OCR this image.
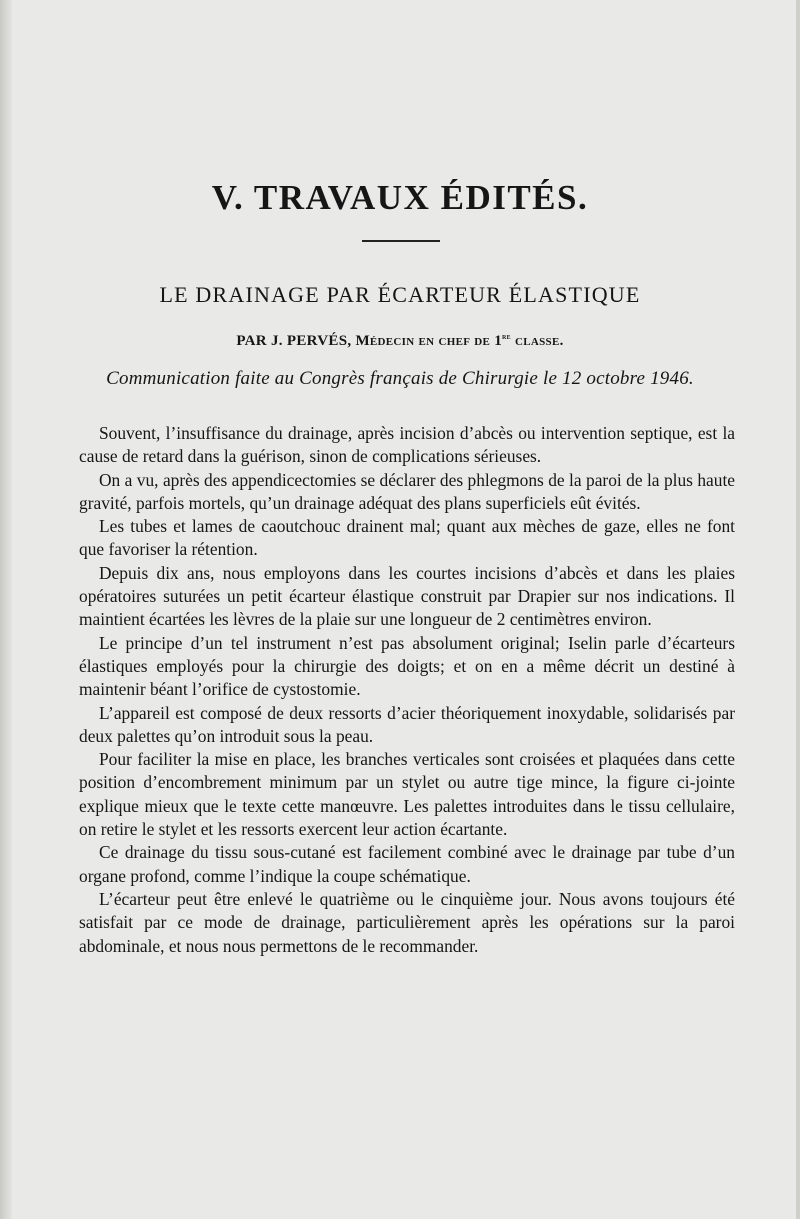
V. TRAVAUX ÉDITÉS.
LE DRAINAGE PAR ÉCARTEUR ÉLASTIQUE
PAR J. PERVÉS, Médecin en chef de 1re classe.
Communication faite au Congrès français de Chirurgie le 12 octobre 1946.

Souvent, l’insuffisance du drainage, après incision d’abcès ou intervention septique, est la cause de retard dans la guérison, sinon de complications sérieuses.

On a vu, après des appendicectomies se déclarer des phlegmons de la paroi de la plus haute gravité, parfois mortels, qu’un drainage adéquat des plans superficiels eût évités.

Les tubes et lames de caoutchouc drainent mal; quant aux mèches de gaze, elles ne font que favoriser la rétention.

Depuis dix ans, nous employons dans les courtes incisions d’abcès et dans les plaies opératoires suturées un petit écarteur élastique construit par Drapier sur nos indications. Il maintient écartées les lèvres de la plaie sur une longueur de 2 centimètres environ.

Le principe d’un tel instrument n’est pas absolument original; Iselin parle d’écarteurs élastiques employés pour la chirurgie des doigts; et on en a même décrit un destiné à maintenir béant l’orifice de cystostomie.

L’appareil est composé de deux ressorts d’acier théoriquement inoxydable, solidarisés par deux palettes qu’on introduit sous la peau.

Pour faciliter la mise en place, les branches verticales sont croisées et plaquées dans cette position d’encombrement minimum par un stylet ou autre tige mince, la figure ci-jointe explique mieux que le texte cette manœuvre. Les palettes introduites dans le tissu cellulaire, on retire le stylet et les ressorts exercent leur action écartante.

Ce drainage du tissu sous-cutané est facilement combiné avec le drainage par tube d’un organe profond, comme l’indique la coupe schématique.

L’écarteur peut être enlevé le quatrième ou le cinquième jour. Nous avons toujours été satisfait par ce mode de drainage, particulièrement après les opérations sur la paroi abdominale, et nous nous permettons de le recommander.
